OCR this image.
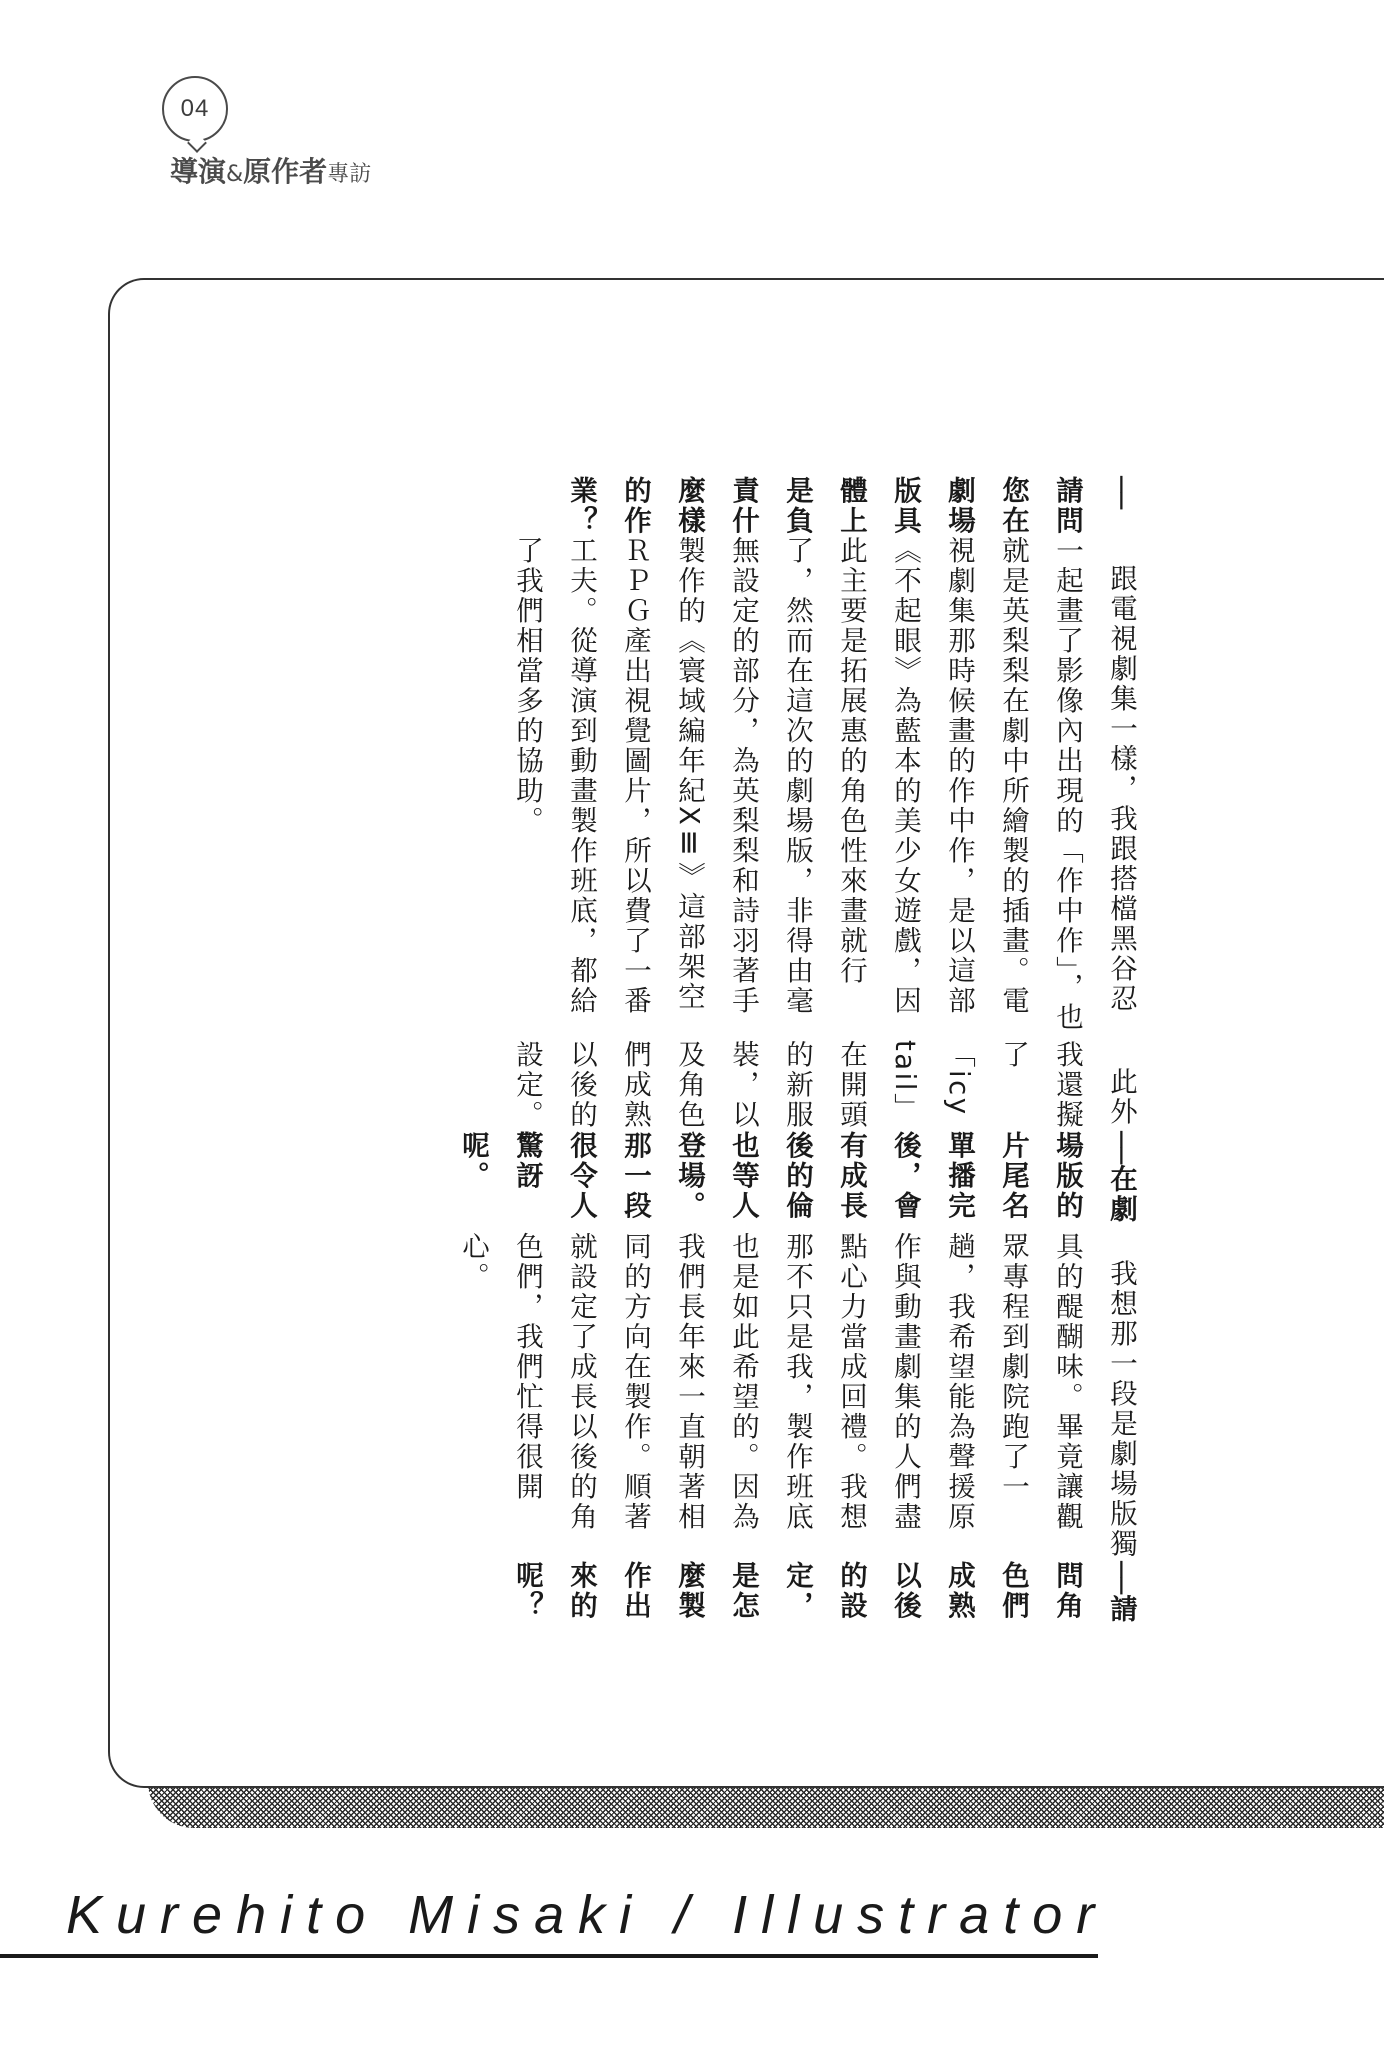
04
導演&原作者專訪

──請問您在劇場版具體上是負責什麼樣的作業？

跟電視劇集一樣，我跟搭檔黑谷忍一起畫了影像內出現的「作中作」，也就是英梨梨在劇中所繪製的插畫。電視劇集那時候畫的作中作，是以這部《不起眼》為藍本的美少女遊戲，因此主要是拓展惠的角色性來畫就行了，然而在這次的劇場版，非得由毫無設定的部分，為英梨梨和詩羽著手製作的《寰域編年紀XⅢ》這部架空ＲＰＧ產出視覺圖片，所以費了一番工夫。從導演到動畫製作班底，都給了我們相當多的協助。

此外我還擬了「icy tail」在開頭的新服裝，以及角色們成熟以後的設定。

──在劇場版的片尾名單播完後，會有成長後的倫也等人登場。那一段很令人驚訝呢。

我想那一段是劇場版獨具的醍醐味。畢竟讓觀眾專程到劇院跑了一趟，我希望能為聲援原作與動畫劇集的人們盡點心力當成回禮。我想那不只是我，製作班底也是如此希望的。因為我們長年來一直朝著相同的方向在製作。順著就設定了成長以後的角色們，我們忙得很開心。

──請問角色們成熟以後的設定，是怎麼製作出來的呢？

Kurehito Misaki / Illustrator
